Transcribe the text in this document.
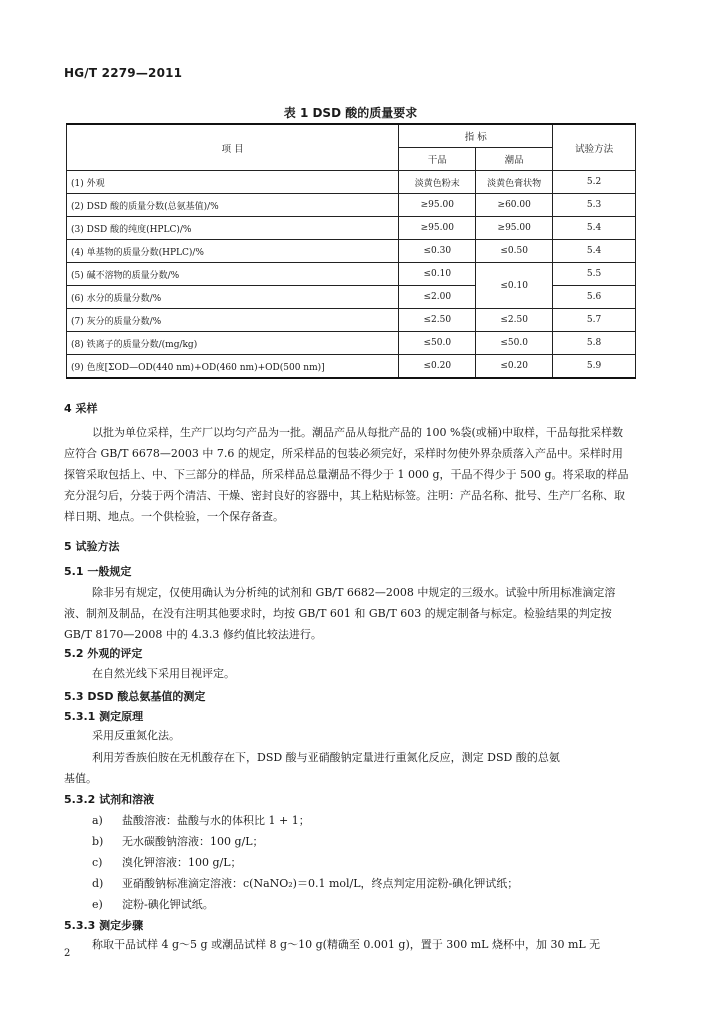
HG/T 2279—2011
表 1 DSD 酸的质量要求
项 目	指 标		试验方法
	干品	潮品	
(1) 外观	淡黄色粉末	淡黄色膏状物	5.2
(2) DSD 酸的质量分数(总氨基值)/%	≥95.00	≥60.00	5.3
(3) DSD 酸的纯度(HPLC)/%	≥95.00	≥95.00	5.4
(4) 单基物的质量分数(HPLC)/%	≤0.30	≤0.50	5.4
(5) 碱不溶物的质量分数/%	≤0.10	≤0.10	5.5
(6) 水分的质量分数/%	≤2.00		5.6
(7) 灰分的质量分数/%	≤2.50	≤2.50	5.7
(8) 铁离子的质量分数/(mg/kg)	≤50.0	≤50.0	5.8
(9) 色度[ΣOD—OD(440 nm)+OD(460 nm)+OD(500 nm)]	≤0.20	≤0.20	5.9
4 采样
以批为单位采样，生产厂以均匀产品为一批。潮品产品从每批产品的 100 %袋(或桶)中取样，干品每批采样数应符合 GB/T 6678—2003 中 7.6 的规定，所采样品的包装必须完好，采样时勿使外界杂质落入产品中。采样时用探管采取包括上、中、下三部分的样品，所采样品总量潮品不得少于 1 000 g，干品不得少于 500 g。将采取的样品充分混匀后，分装于两个清洁、干燥、密封良好的容器中，其上粘贴标签。注明：产品名称、批号、生产厂名称、取样日期、地点。一个供检验，一个保存备查。
5 试验方法
5.1 一般规定
除非另有规定，仅使用确认为分析纯的试剂和 GB/T 6682—2008 中规定的三级水。试验中所用标准滴定溶液、制剂及制品，在没有注明其他要求时，均按 GB/T 601 和 GB/T 603 的规定制备与标定。检验结果的判定按 GB/T 8170—2008 中的 4.3.3 修约值比较法进行。
5.2 外观的评定
在自然光线下采用目视评定。
5.3 DSD 酸总氨基值的测定
5.3.1 测定原理
采用反重氮化法。
利用芳香族伯胺在无机酸存在下，DSD 酸与亚硝酸钠定量进行重氮化反应，测定 DSD 酸的总氨
基值。
5.3.2 试剂和溶液
a) 盐酸溶液：盐酸与水的体积比 1 + 1；
b) 无水碳酸钠溶液：100 g/L；
c) 溴化钾溶液：100 g/L；
d) 亚硝酸钠标准滴定溶液：c(NaNO₂)＝0.1 mol/L，终点判定用淀粉-碘化钾试纸；
e) 淀粉-碘化钾试纸。
5.3.3 测定步骤
称取干品试样 4 g～5 g 或潮品试样 8 g～10 g(精确至 0.001 g)，置于 300 mL 烧杯中，加 30 mL 无
2
